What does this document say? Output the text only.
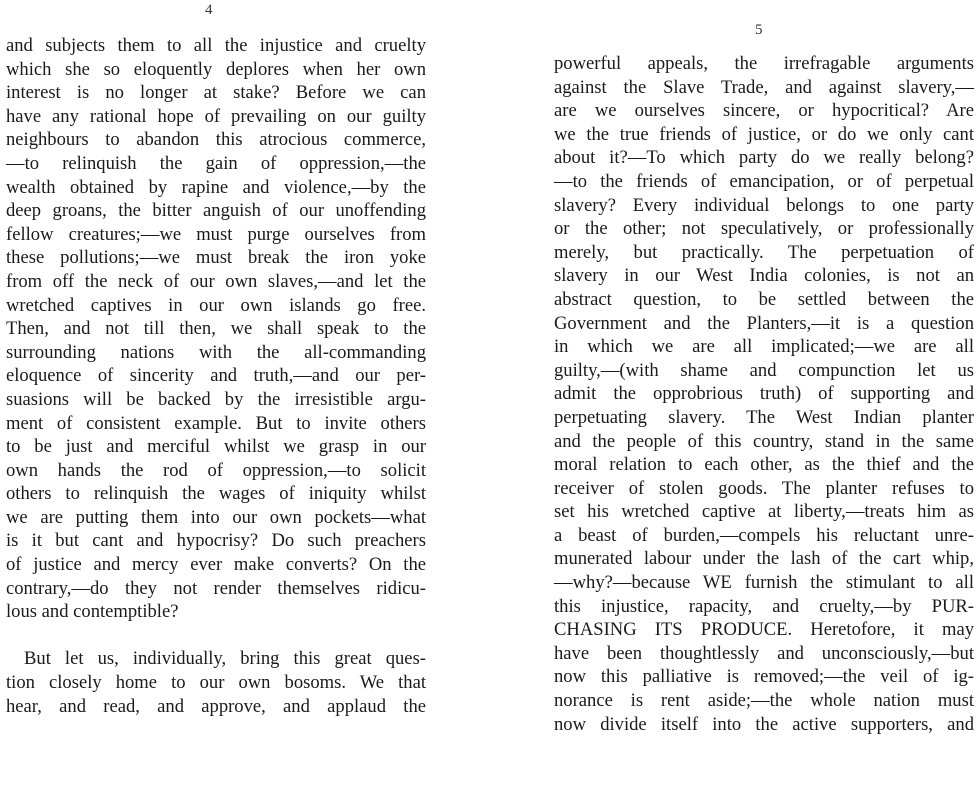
4
and subjects them to all the injustice and cruelty
which she so eloquently deplores when her own
interest is no longer at stake? Before we can
have any rational hope of prevailing on our guilty
neighbours to abandon this atrocious commerce,
—to relinquish the gain of oppression,—the
wealth obtained by rapine and violence,—by the
deep groans, the bitter anguish of our unoffending
fellow creatures;—we must purge ourselves from
these pollutions;—we must break the iron yoke
from off the neck of our own slaves,—and let the
wretched captives in our own islands go free.
Then, and not till then, we shall speak to the
surrounding nations with the all-commanding
eloquence of sincerity and truth,—and our per-
suasions will be backed by the irresistible argu-
ment of consistent example. But to invite others
to be just and merciful whilst we grasp in our
own hands the rod of oppression,—to solicit
others to relinquish the wages of iniquity whilst
we are putting them into our own pockets—what
is it but cant and hypocrisy? Do such preachers
of justice and mercy ever make converts? On the
contrary,—do they not render themselves ridicu-
lous and contemptible?
But let us, individually, bring this great ques-
tion closely home to our own bosoms. We that
hear, and read, and approve, and applaud the
5
powerful appeals, the irrefragable arguments
against the Slave Trade, and against slavery,—
are we ourselves sincere, or hypocritical? Are
we the true friends of justice, or do we only cant
about it?—To which party do we really belong?
—to the friends of emancipation, or of perpetual
slavery? Every individual belongs to one party
or the other; not speculatively, or professionally
merely, but practically. The perpetuation of
slavery in our West India colonies, is not an
abstract question, to be settled between the
Government and the Planters,—it is a question
in which we are all implicated;—we are all
guilty,—(with shame and compunction let us
admit the opprobrious truth) of supporting and
perpetuating slavery. The West Indian planter
and the people of this country, stand in the same
moral relation to each other, as the thief and the
receiver of stolen goods. The planter refuses to
set his wretched captive at liberty,—treats him as
a beast of burden,—compels his reluctant unre-
munerated labour under the lash of the cart whip,
—why?—because WE furnish the stimulant to all
this injustice, rapacity, and cruelty,—by PUR-
CHASING ITS PRODUCE. Heretofore, it may
have been thoughtlessly and unconsciously,—but
now this palliative is removed;—the veil of ig-
norance is rent aside;—the whole nation must
now divide itself into the active supporters, and
